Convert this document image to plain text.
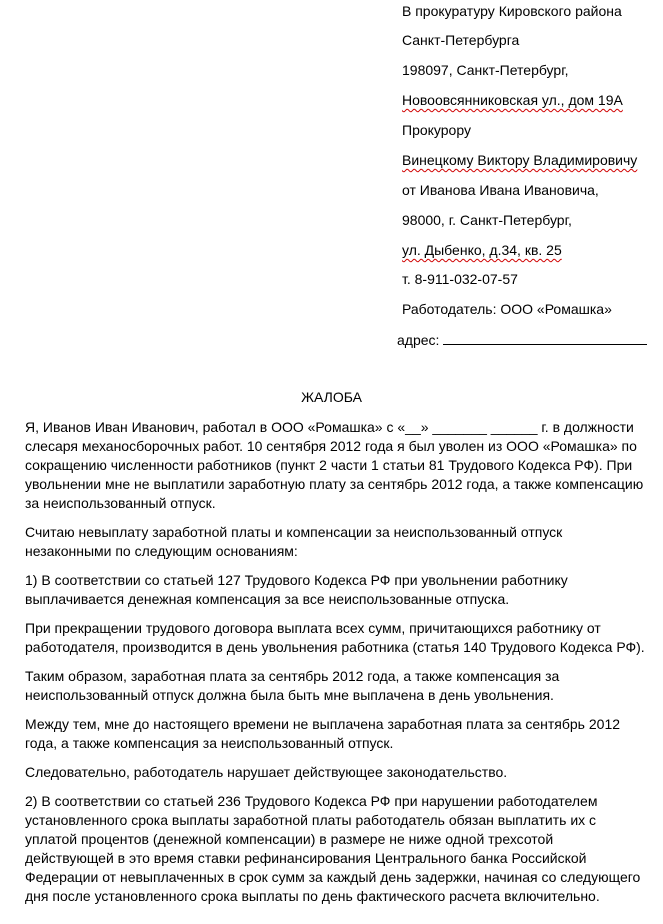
В прокуратуру Кировского района
Санкт-Петербурга
198097, Санкт-Петербург,
Новоовсянниковская ул., дом 19А
Прокурору
Винецкому Виктору Владимировичу
от Иванова Ивана Ивановича,
98000, г. Санкт-Петербург,
ул. Дыбенко, д.34, кв. 25
т. 8-911-032-07-57
Работодатель: ООО «Ромашка»
адрес:
ЖАЛОБА

Я, Иванов Иван Иванович, работал в ООО «Ромашка» с «__» _______ ______ г. в должности слесаря механосборочных работ. 10 сентября 2012 года я был уволен из ООО «Ромашка» по сокращению численности работников (пункт 2 части 1 статьи 81 Трудового Кодекса РФ). При увольнении мне не выплатили заработную плату за сентябрь 2012 года, а также компенсацию за неиспользованный отпуск.

Считаю невыплату заработной платы и компенсации за неиспользованный отпуск незаконными по следующим основаниям:

1) В соответствии со статьей 127 Трудового Кодекса РФ при увольнении работнику выплачивается денежная компенсация за все неиспользованные отпуска.

При прекращении трудового договора выплата всех сумм, причитающихся работнику от работодателя, производится в день увольнения работника (статья 140 Трудового Кодекса РФ).

Таким образом, заработная плата за сентябрь 2012 года, а также компенсация за неиспользованный отпуск должна была быть мне выплачена в день увольнения.

Между тем, мне до настоящего времени не выплачена заработная плата за сентябрь 2012 года, а также компенсация за неиспользованный отпуск.

Следовательно, работодатель нарушает действующее законодательство.

2) В соответствии со статьей 236 Трудового Кодекса РФ при нарушении работодателем установленного срока выплаты заработной платы работодатель обязан выплатить их с уплатой процентов (денежной компенсации) в размере не ниже одной трехсотой действующей в это время ставки рефинансирования Центрального банка Российской Федерации от невыплаченных в срок сумм за каждый день задержки, начиная со следующего дня после установленного срока выплаты по день фактического расчета включительно.
